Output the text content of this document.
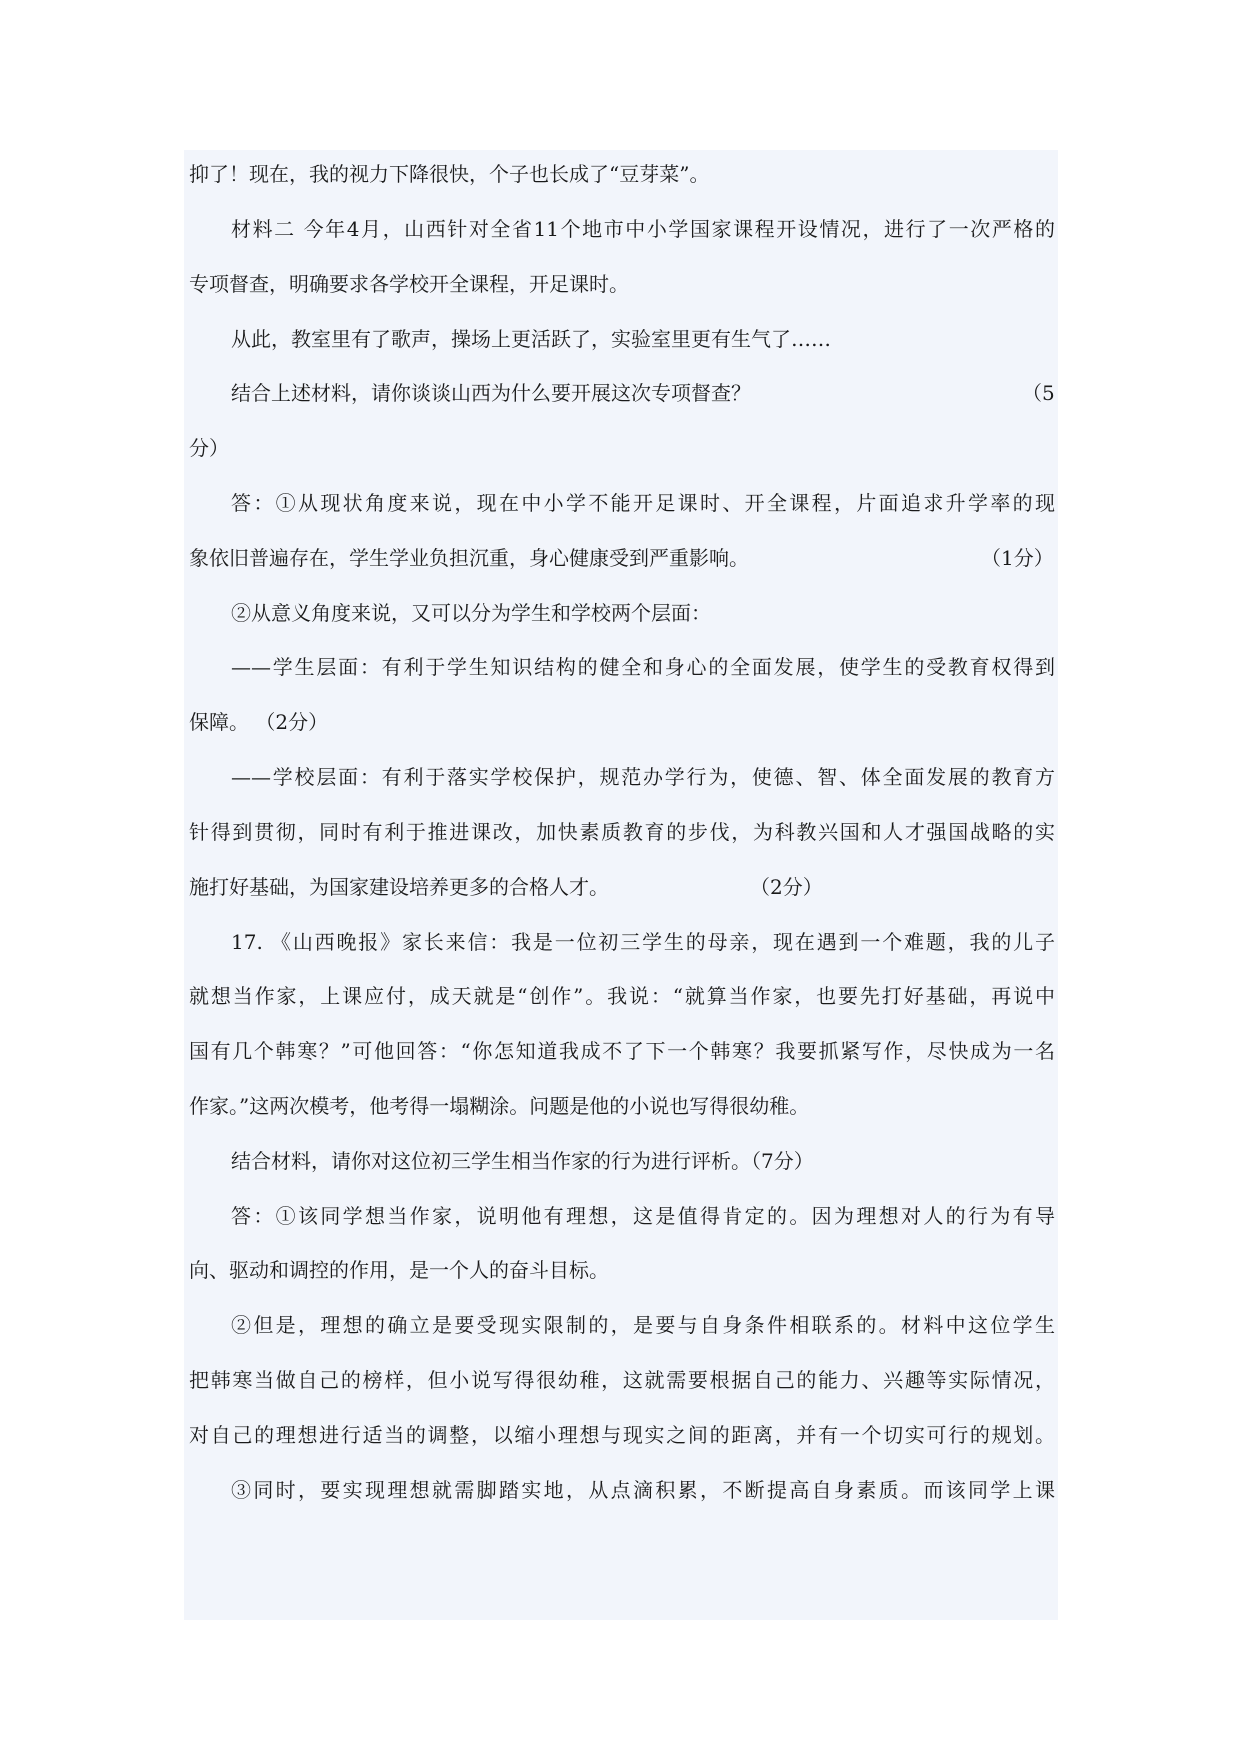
抑了！现在，我的视力下降很快，个子也长成了“豆芽菜”。
材料二 今年4月，山西针对全省11个地市中小学国家课程开设情况，进行了一次严格的
专项督查，明确要求各学校开全课程，开足课时。
从此，教室里有了歌声，操场上更活跃了，实验室里更有生气了……
结合上述材料，请你谈谈山西为什么要开展这次专项督查？	（5
分）
答：①从现状角度来说，现在中小学不能开足课时、开全课程，片面追求升学率的现
象依旧普遍存在，学生学业负担沉重，身心健康受到严重影响。	（1分）
②从意义角度来说，又可以分为学生和学校两个层面：
——学生层面：有利于学生知识结构的健全和身心的全面发展，使学生的受教育权得到
保障。 （2分）
——学校层面：有利于落实学校保护，规范办学行为，使德、智、体全面发展的教育方
针得到贯彻，同时有利于推进课改，加快素质教育的步伐，为科教兴国和人才强国战略的实
施打好基础，为国家建设培养更多的合格人才。	（2分）
17. 《山西晚报》家长来信：我是一位初三学生的母亲，现在遇到一个难题，我的儿子
就想当作家，上课应付，成天就是“创作”。我说：“就算当作家，也要先打好基础，再说中
国有几个韩寒？”可他回答：“你怎知道我成不了下一个韩寒？我要抓紧写作，尽快成为一名
作家。”这两次模考，他考得一塌糊涂。问题是他的小说也写得很幼稚。
结合材料，请你对这位初三学生相当作家的行为进行评析。（7分）
答：①该同学想当作家，说明他有理想，这是值得肯定的。因为理想对人的行为有导
向、驱动和调控的作用，是一个人的奋斗目标。
②但是，理想的确立是要受现实限制的，是要与自身条件相联系的。材料中这位学生
把韩寒当做自己的榜样，但小说写得很幼稚，这就需要根据自己的能力、兴趣等实际情况，
对自己的理想进行适当的调整，以缩小理想与现实之间的距离，并有一个切实可行的规划。
③同时，要实现理想就需脚踏实地，从点滴积累，不断提高自身素质。而该同学上课
